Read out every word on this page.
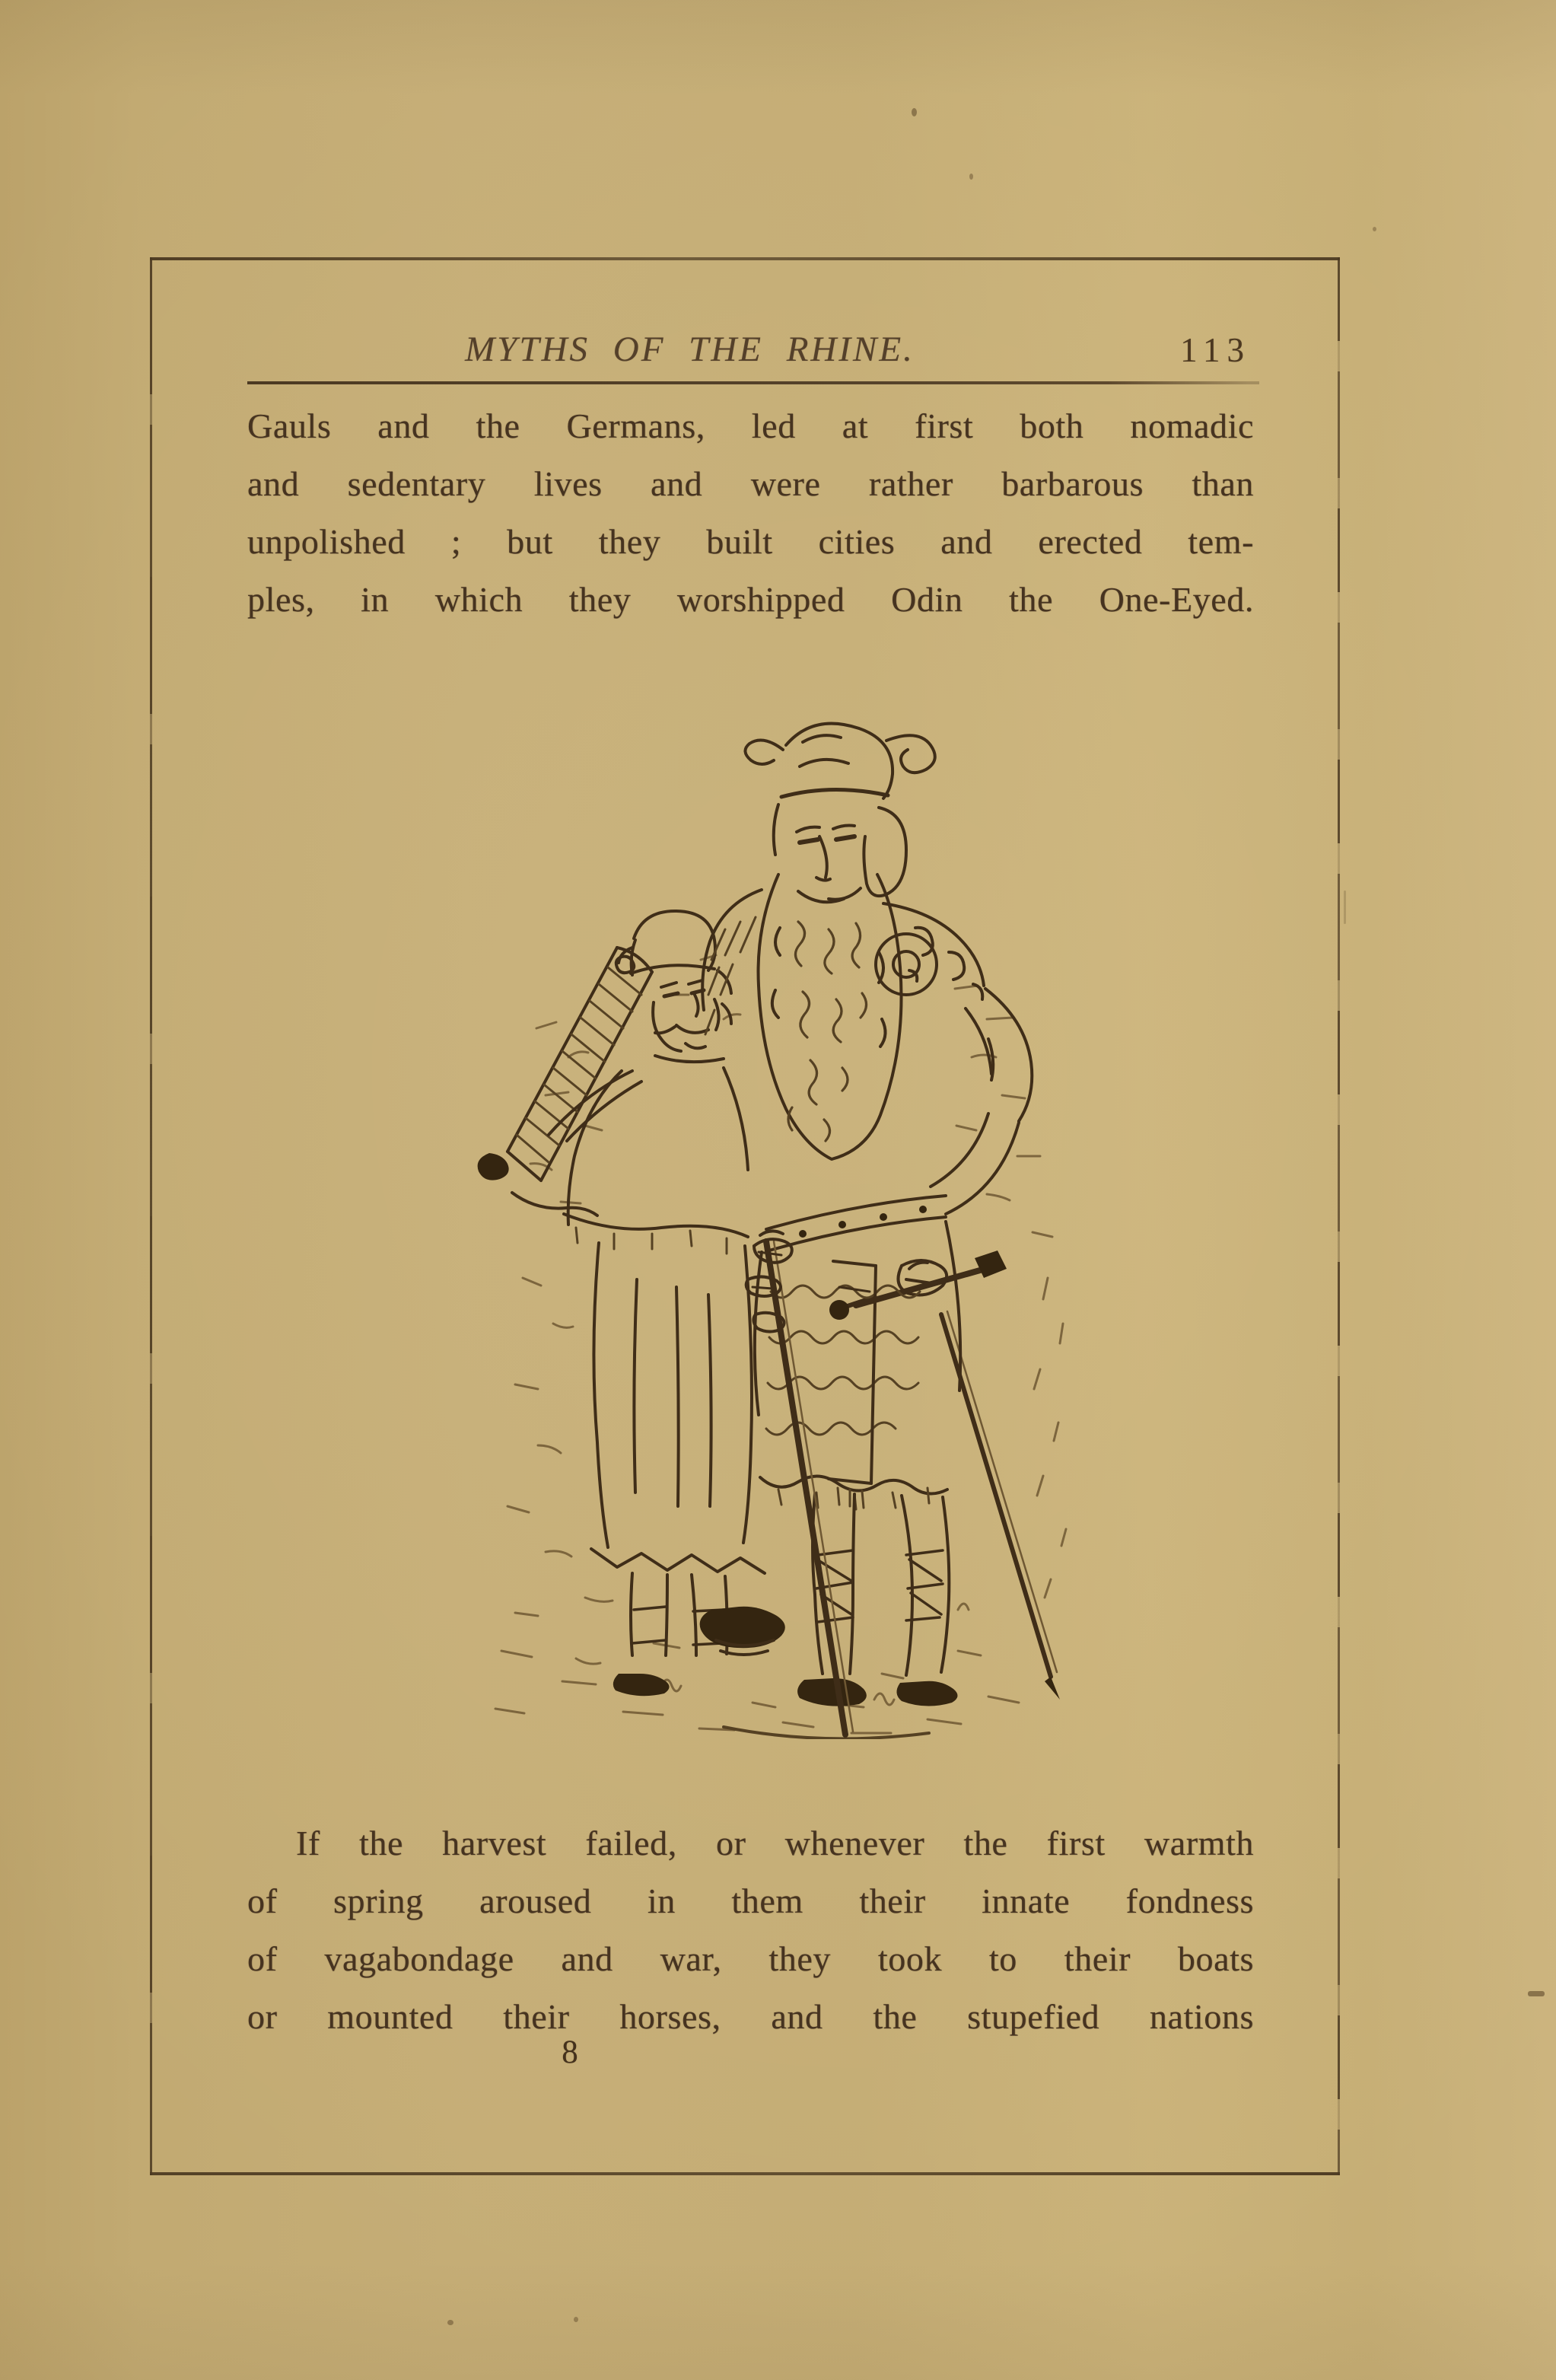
MYTHS OF THE RHINE.	113
Gauls and the Germans, led at first both nomadic
and sedentary lives and were rather barbarous than
unpolished ; but they built cities and erected tem-
ples, in which they worshipped Odin the One-Eyed.
If the harvest failed, or whenever the first warmth
of spring aroused in them their innate fondness
of vagabondage and war, they took to their boats
or mounted their horses, and the stupefied nations
8
